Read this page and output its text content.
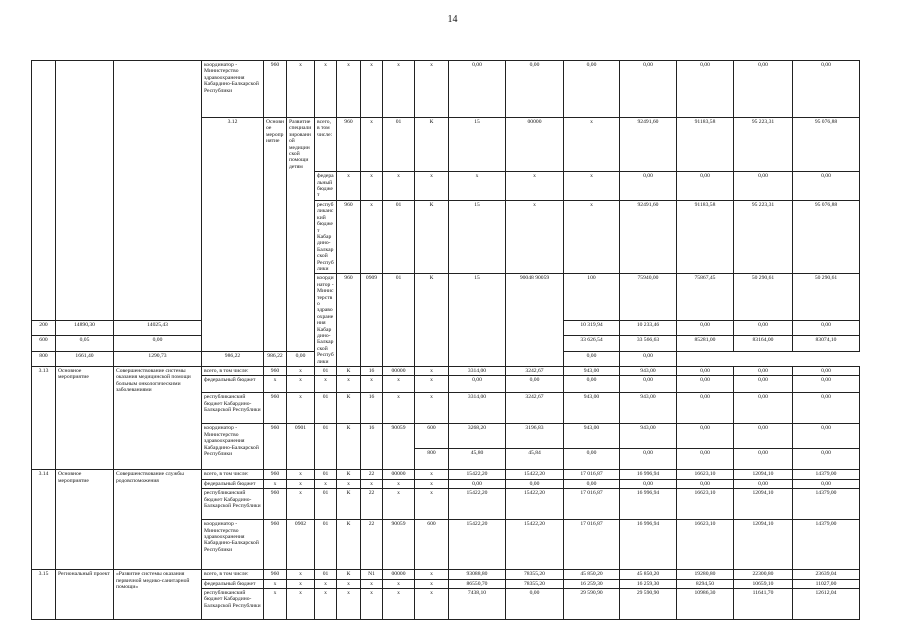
14
			координатор - Министерство здравоохранения Кабардино-Балкарской Республики	960	х	х	х	х	х	х	0,00	0,00	0,00	0,00	0,00	0,00	0,00	
			3.12	Основное мероприятие	Развитие специализированной медицинской помощи детям	всего, в том числе:	960	х	01	К	15	00000	х	92491,60	91183,58	95 223,31	95 076,88			
						федеральный бюджет	х	х	х	х	х	х	х	0,00	0,00	0,00	0,00			
						республиканский бюджет Кабардино-Балкарской Республики	960	х	01	К	15	х	х	92491,60	91183,58	95 223,31	95 076,88			
						координатор - Министерство здравоохранения Кабардино-Балкарской Республики	960	0909	01	К	15	90048 90059	100	75940,00	75867,45	50 290,61	50 290,61			
200	14890,30	14025,43											10 319,94	10 233,46	0,00	0,00	0,00	
600	0,05	0,00											33 626,54	33 566,63	85281,00	83164,00	83074,10	
800	1661,40	1290,73	986,22	986,22	0,00								0,00	0,00				
3.13	Основное мероприятие	Совершенствование системы оказания медицинской помощи больным онкологическими заболеваниями	всего, в том числе:	960	х	01	К	16	00000	х	3314,00	3242,67	943,00	943,00	0,00	0,00	0,00	
			федеральный бюджет	х	х	х	х	х	х	х	0,00	0,00	0,00	0,00	0,00	0,00	0,00	
			республиканский бюджет Кабардино-Балкарской Республики	960	х	01	К	16	х	х	3314,00	3242,67	943,00	943,00	0,00	0,00	0,00	
			координатор - Министерство здравоохранения Кабардино-Балкарской Республики	960	0901	01	К	16	90059	600	3268,20	3196,83	943,00	943,00	0,00	0,00	0,00	
										800	45,80	45,84	0,00	0,00	0,00	0,00	0,00	
3.14	Основное мероприятие	Совершенствование службы родовспоможения	всего, в том числе:	960	х	01	К	22	00000	х	15422,20	15422,20	17 016,87	16 996,94	16623,10	12094,10	14379,00	
			федеральный бюджет	х	х	х	х	х	х	х	0,00	0,00	0,00	0,00	0,00	0,00	0,00	
			республиканский бюджет Кабардино-Балкарской Республики	960	х	01	К	22	х	х	15422,20	15422,20	17 016,87	16 996,94	16623,10	12094,10	14379,00	
			координатор - Министерство здравоохранения Кабардино-Балкарской Республики	960	0902	01	К	22	90059	600	15422,20	15422,20	17 016,87	16 996,94	16623,10	12094,10	14379,00	
3.15	Региональный проект	«Развитие системы оказания первичной медико-санитарной помощи»	всего, в том числе:	960	х	01	К	N1	00000	х	93088,80	78355,20	45 850,20	45 850,20	19280,80	22300,80	23639,04	
			федеральный бюджет	х	х	х	х	х	х	х	86550,70	78355,20	16 259,30	16 259,30	8294,50	10659,10	11027,00	
			республиканский бюджет Кабардино-Балкарской Республики	х	х	х	х	х	х	х	7438,10	0,00	29 590,90	29 590,90	10986,30	11641,70	12612,04	
